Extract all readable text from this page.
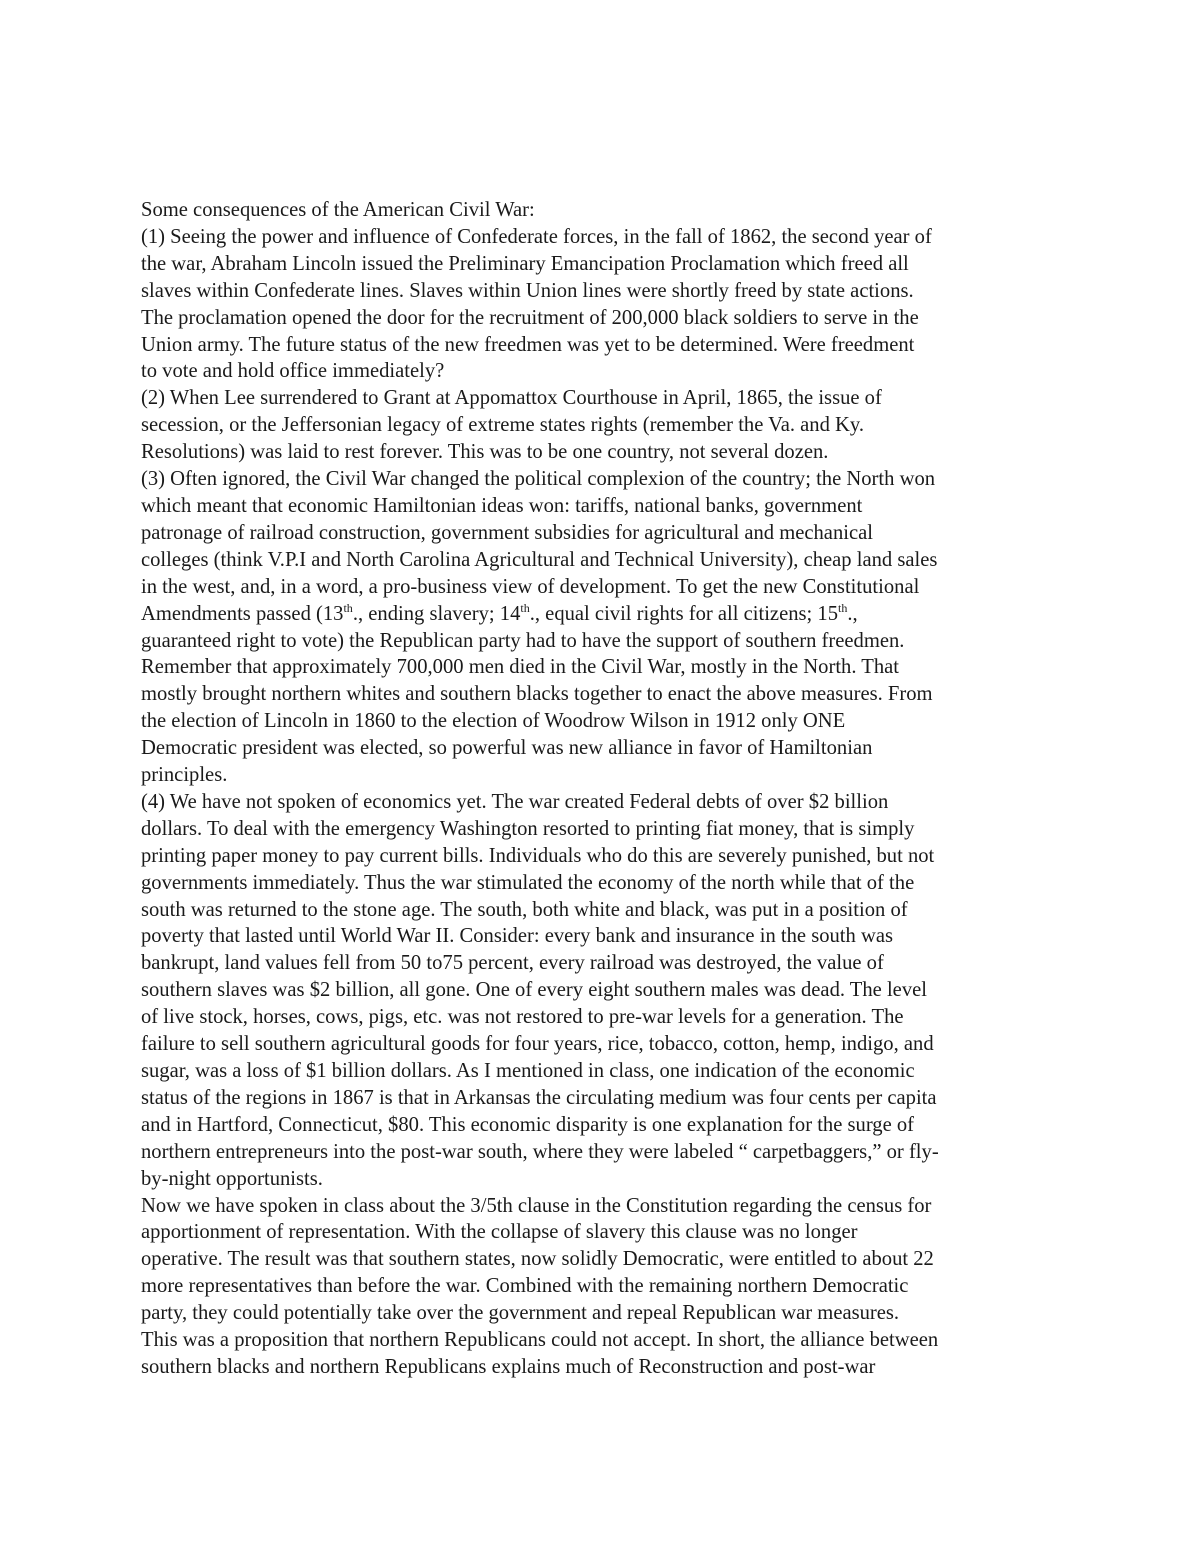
Some consequences of the American Civil War:
(1) Seeing the power and influence of Confederate forces, in the fall of 1862, the second year of
the war, Abraham Lincoln issued the Preliminary Emancipation Proclamation which freed all
slaves within Confederate lines. Slaves within Union lines were shortly freed by state actions.
The proclamation opened the door for the recruitment of 200,000 black soldiers to serve in the
Union army. The future status of the new freedmen was yet to be determined. Were freedment
to vote and hold office immediately?
(2) When Lee surrendered to Grant at Appomattox Courthouse in April, 1865, the issue of
secession, or the Jeffersonian legacy of extreme states rights (remember the Va. and Ky.
Resolutions) was laid to rest forever. This was to be one country, not several dozen.
(3) Often ignored, the Civil War changed the political complexion of the country; the North won
which meant that economic Hamiltonian ideas won: tariffs, national banks, government
patronage of railroad construction, government subsidies for agricultural and mechanical
colleges (think V.P.I and North Carolina Agricultural and Technical University), cheap land sales
in the west, and, in a word, a pro-business view of development. To get the new Constitutional
Amendments passed (13th., ending slavery; 14th., equal civil rights for all citizens; 15th.,
guaranteed right to vote) the Republican party had to have the support of southern freedmen.
Remember that approximately 700,000 men died in the Civil War, mostly in the North. That
mostly brought northern whites and southern blacks together to enact the above measures. From
the election of Lincoln in 1860 to the election of Woodrow Wilson in 1912 only ONE
Democratic president was elected, so powerful was new alliance in favor of Hamiltonian
principles.
(4) We have not spoken of economics yet. The war created Federal debts of over $2 billion
dollars. To deal with the emergency Washington resorted to printing fiat money, that is simply
printing paper money to pay current bills. Individuals who do this are severely punished, but not
governments immediately. Thus the war stimulated the economy of the north while that of the
south was returned to the stone age. The south, both white and black, was put in a position of
poverty that lasted until World War II. Consider: every bank and insurance in the south was
bankrupt, land values fell from 50 to75 percent, every railroad was destroyed, the value of
southern slaves was $2 billion, all gone. One of every eight southern males was dead. The level
of live stock, horses, cows, pigs, etc. was not restored to pre-war levels for a generation. The
failure to sell southern agricultural goods for four years, rice, tobacco, cotton, hemp, indigo, and
sugar, was a loss of $1 billion dollars. As I mentioned in class, one indication of the economic
status of the regions in 1867 is that in Arkansas the circulating medium was four cents per capita
and in Hartford, Connecticut, $80. This economic disparity is one explanation for the surge of
northern entrepreneurs into the post-war south, where they were labeled “ carpetbaggers,” or fly-
by-night opportunists.
Now we have spoken in class about the 3/5th clause in the Constitution regarding the census for
apportionment of representation. With the collapse of slavery this clause was no longer
operative. The result was that southern states, now solidly Democratic, were entitled to about 22
more representatives than before the war. Combined with the remaining northern Democratic
party, they could potentially take over the government and repeal Republican war measures.
This was a proposition that northern Republicans could not accept. In short, the alliance between
southern blacks and northern Republicans explains much of Reconstruction and post-war
